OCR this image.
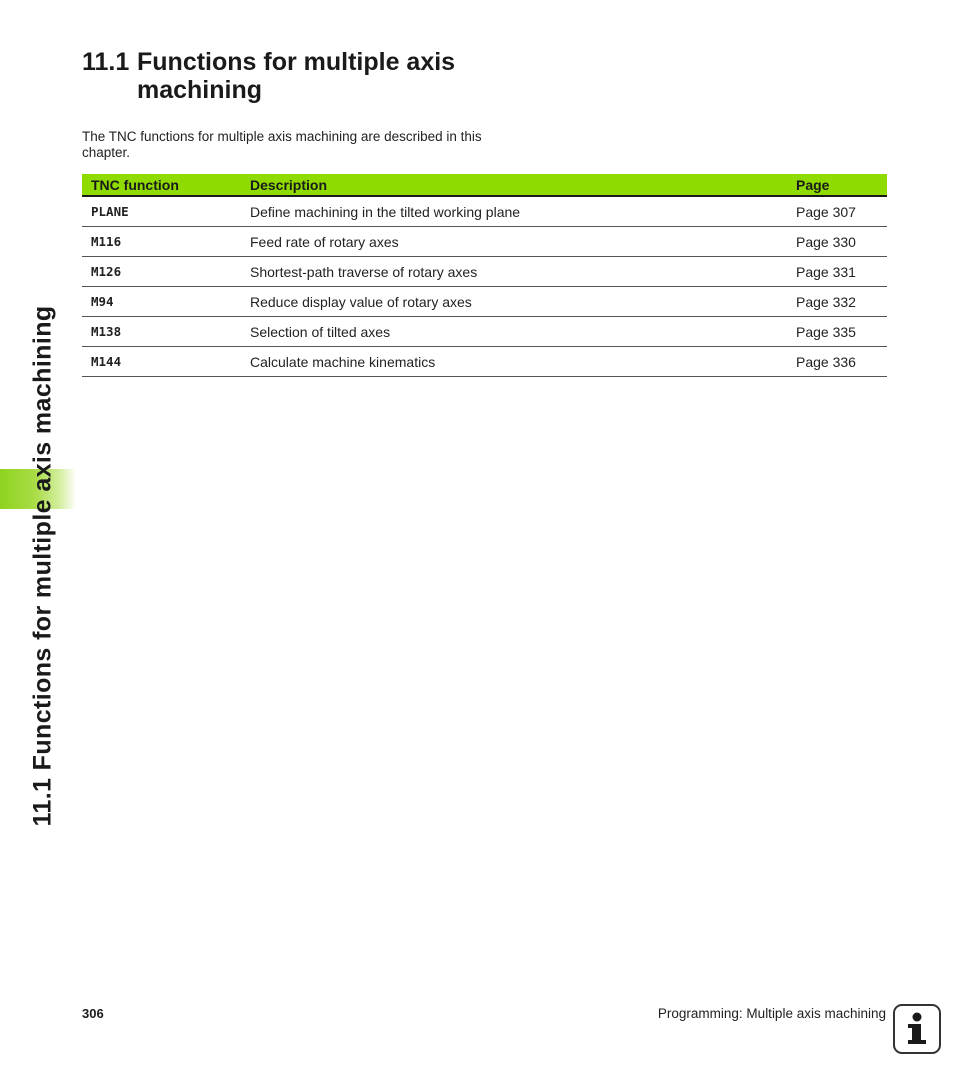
11.1 Functions for multiple axis machining
11.1 Functions for multiple axis
machining

The TNC functions for multiple axis machining are described in this chapter.

TNC function	Description	Page
PLANE	Define machining in the tilted working plane	Page 307
M116	Feed rate of rotary axes	Page 330
M126	Shortest-path traverse of rotary axes	Page 331
M94	Reduce display value of rotary axes	Page 332
M138	Selection of tilted axes	Page 335
M144	Calculate machine kinematics	Page 336
306	Programming: Multiple axis machining
